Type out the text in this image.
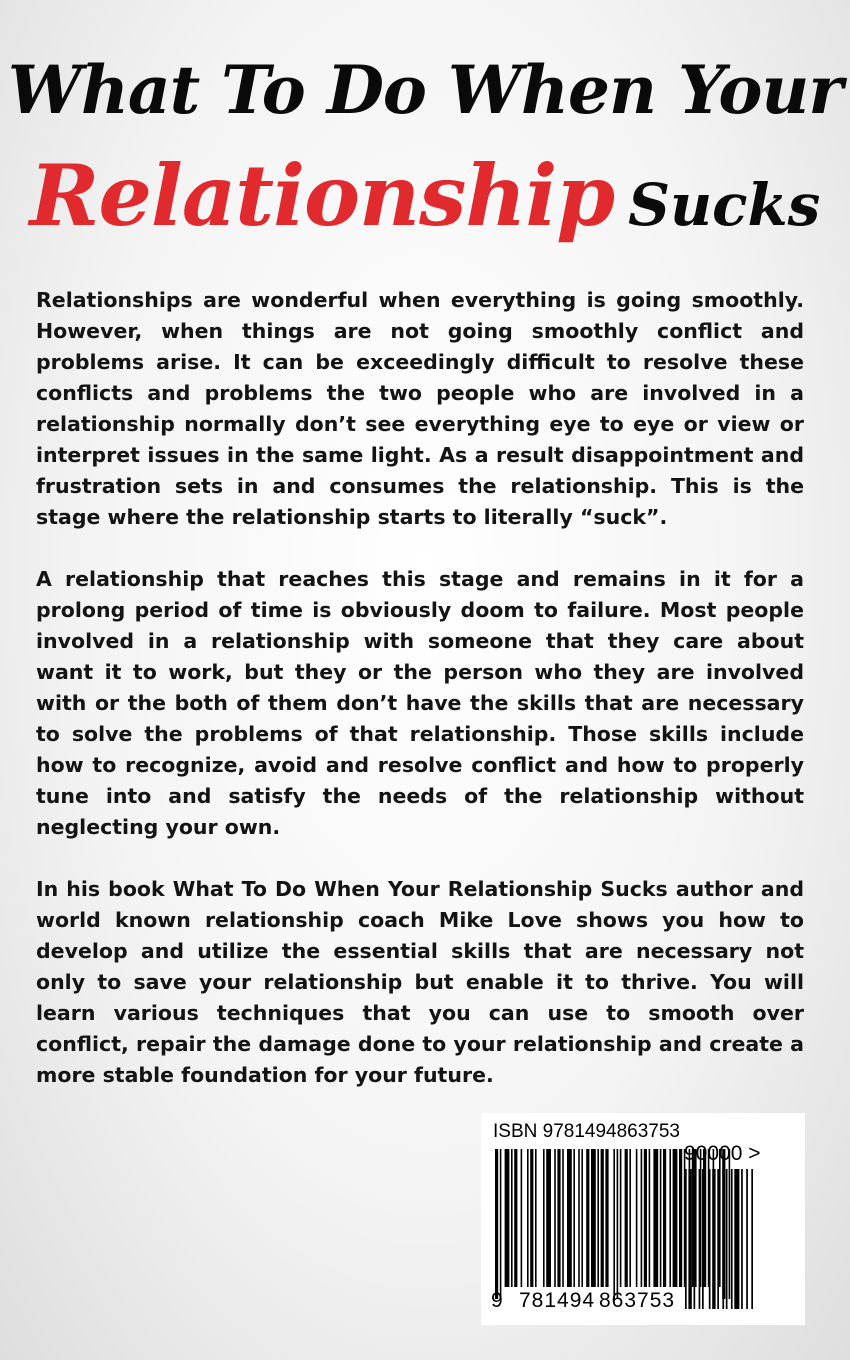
What To Do When Your
Relationship Sucks

Relationships are wonderful when everything is going smoothly. However, when things are not going smoothly conflict and problems arise. It can be exceedingly difficult to resolve these conflicts and problems the two people who are involved in a relationship normally don’t see everything eye to eye or view or interpret issues in the same light. As a result disappointment and frustration sets in and consumes the relationship. This is the stage where the relationship starts to literally “suck”.

A relationship that reaches this stage and remains in it for a prolong period of time is obviously doom to failure. Most people involved in a relationship with someone that they care about want it to work, but they or the person who they are involved with or the both of them don’t have the skills that are necessary to solve the problems of that relationship. Those skills include how to recognize, avoid and resolve conflict and how to properly tune into and satisfy the needs of the relationship without neglecting your own.

In his book What To Do When Your Relationship Sucks author and world known relationship coach Mike Love shows you how to develop and utilize the essential skills that are necessary not only to save your relationship but enable it to thrive. You will learn various techniques that you can use to smooth over conflict, repair the damage done to your relationship and create a more stable foundation for your future.

ISBN 9781494863753
90000 >
9 781494 863753
